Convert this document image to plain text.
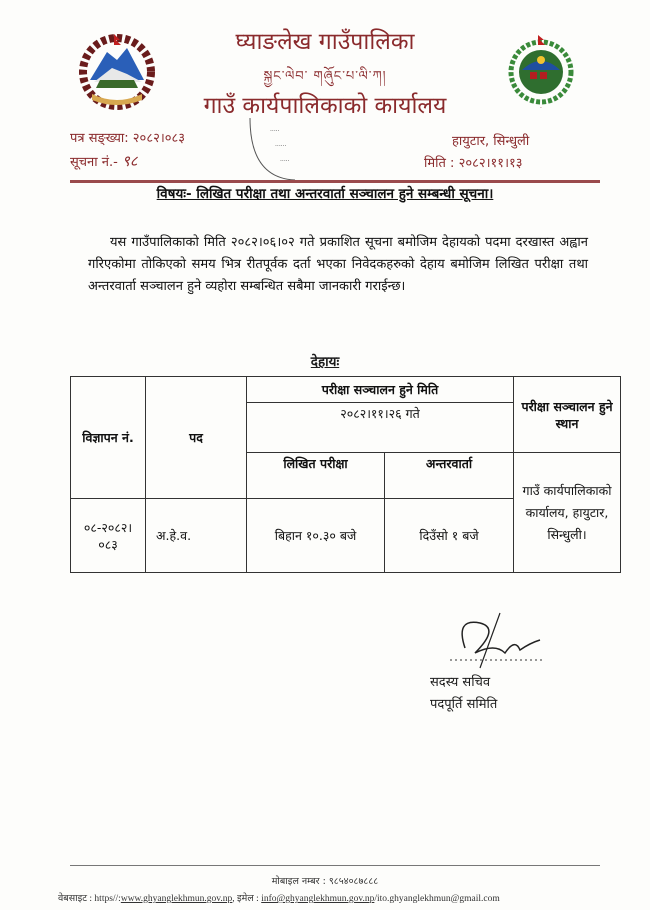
·
घ्याङलेख गाउँपालिका
སྐྱང་ལེབ་ གཞོུང་པ་ལི་ཀ།
गाउँ कार्यपालिकाको कार्यालय
·····
······
·····
पत्र सङ्ख्या: २०८२।०८३
सूचना नं.- ९८
हायुटार, सिन्धुली
मिति : २०८२।११।१३
विषयः- लिखित परीक्षा तथा अन्तरवार्ता सञ्चालन हुने सम्बन्धी सूचना।
यस गाउँपालिकाको मिति २०८२।०६।०२ गते प्रकाशित सूचना बमोजिम देहायको पदमा दरखास्त अह्वान गरिएकोमा तोकिएको समय भित्र रीतपूर्वक दर्ता भएका निवेदकहरुको देहाय बमोजिम लिखित परीक्षा तथा अन्तरवार्ता सञ्चालन हुने व्यहोरा सम्बन्धित सबैमा जानकारी गराईन्छ।
देहायः
विज्ञापन नं.	पद	परीक्षा सञ्चालन हुने मिति		परीक्षा सञ्चालन हुने स्थान
		२०८२।११।२६ गते		
		लिखित परीक्षा	अन्तरवार्ता	गाउँ कार्यपालिकाको कार्यालय, हायुटार, सिन्धुली।
०८-२०८२।०८३	अ.हे.व.	बिहान १०.३० बजे	दिउँसो १ बजे	
सदस्य सचिव
पदपूर्ति समिति
मोबाइल नम्बर : ९८५४०८७८८८
वेबसाइट : https//:www.ghyanglekhmun.gov.np, इमेल : info@ghyanglekhmun.gov.np/ito.ghyanglekhmun@gmail.com
